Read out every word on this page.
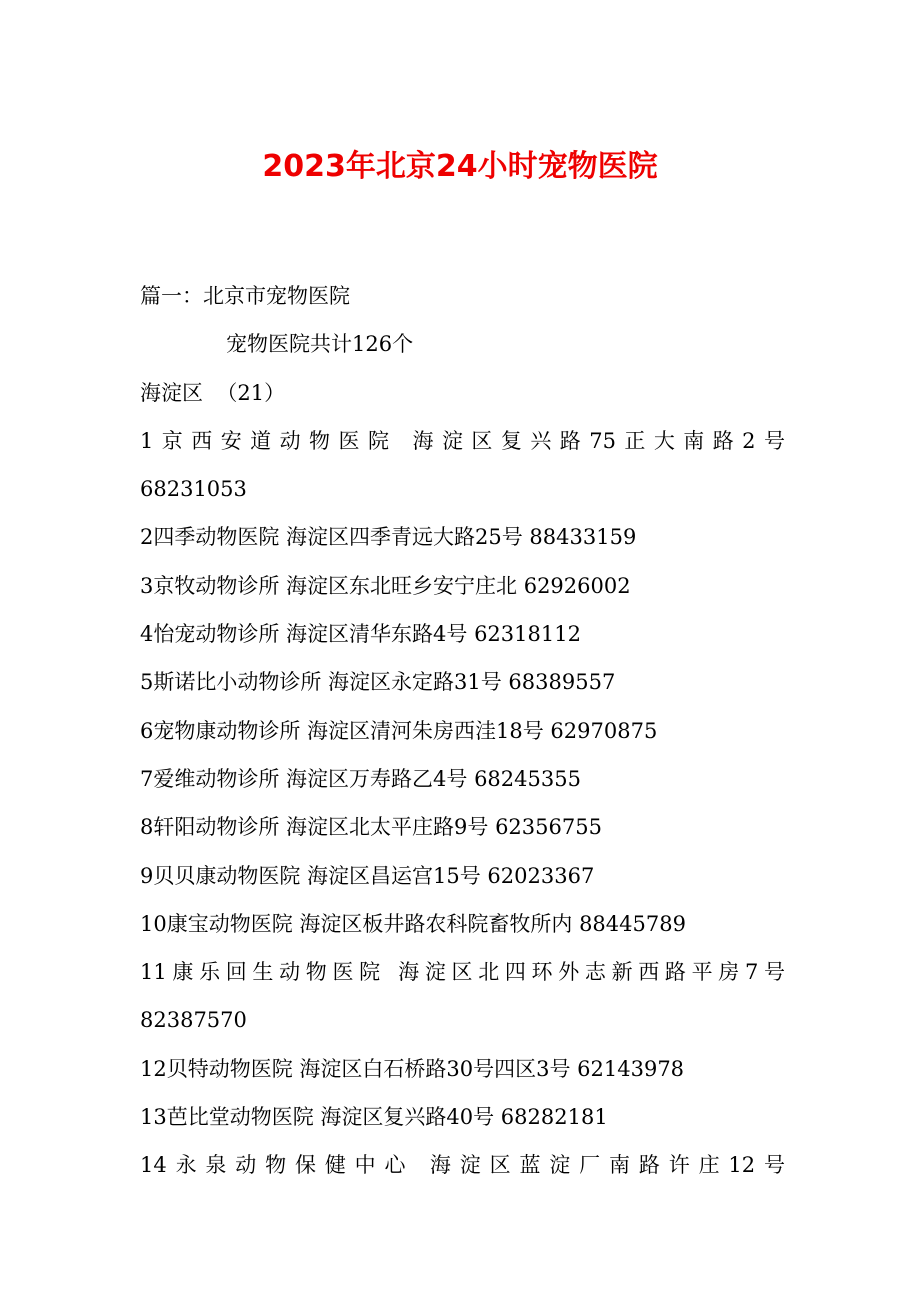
2023年北京24小时宠物医院
篇一：北京市宠物医院
宠物医院共计126个
海淀区  （21）
1京西安道动物医院 海淀区复兴路75正大南路2号
68231053
2四季动物医院 海淀区四季青远大路25号 88433159
3京牧动物诊所 海淀区东北旺乡安宁庄北 62926002
4怡宠动物诊所 海淀区清华东路4号 62318112
5斯诺比小动物诊所 海淀区永定路31号 68389557
6宠物康动物诊所 海淀区清河朱房西洼18号 62970875
7爱维动物诊所 海淀区万寿路乙4号 68245355
8轩阳动物诊所 海淀区北太平庄路9号 62356755
9贝贝康动物医院 海淀区昌运宫15号 62023367
10康宝动物医院 海淀区板井路农科院畜牧所内 88445789
11康乐回生动物医院 海淀区北四环外志新西路平房7号
82387570
12贝特动物医院 海淀区白石桥路30号四区3号 62143978
13芭比堂动物医院 海淀区复兴路40号 68282181
14永泉动物保健中心 海淀区蓝淀厂南路许庄12号
